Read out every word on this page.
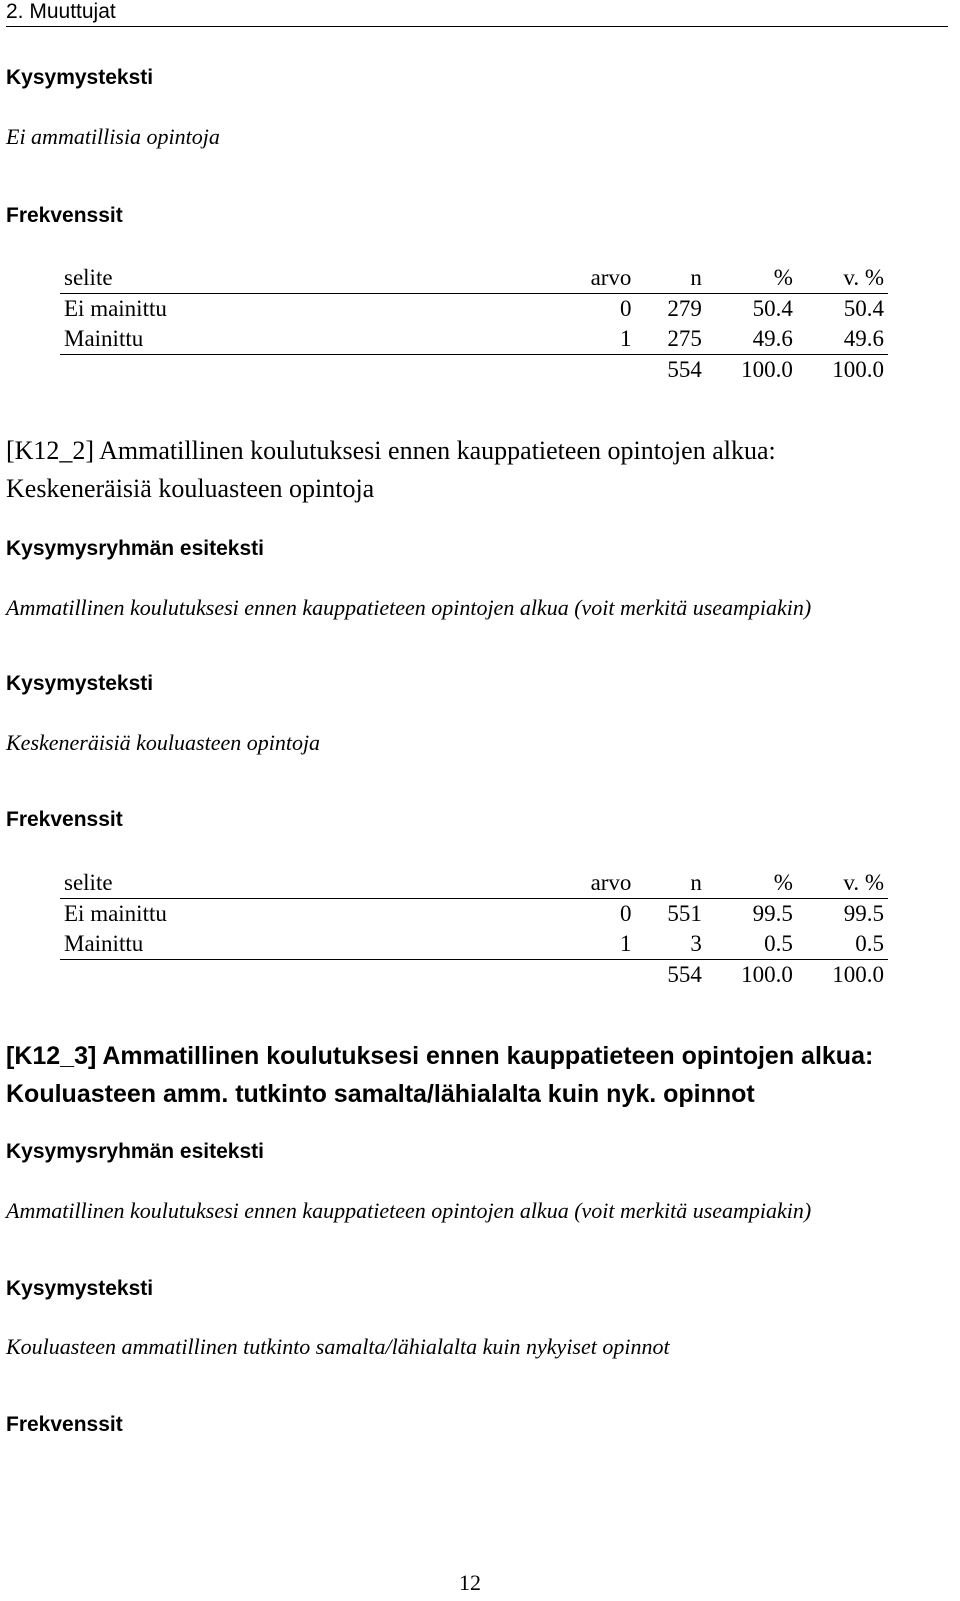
2. Muuttujat
Kysymysteksti
Ei ammatillisia opintoja
Frekvenssit
selite	arvo	n	%	v. %
Ei mainittu	0	279	50.4	50.4
Mainittu	1	275	49.6	49.6
		554	100.0	100.0
[K12_2] Ammatillinen koulutuksesi ennen kauppatieteen opintojen alkua:
Keskeneräisiä kouluasteen opintoja
Kysymysryhmän esiteksti
Ammatillinen koulutuksesi ennen kauppatieteen opintojen alkua (voit merkitä useampiakin)
Kysymysteksti
Keskeneräisiä kouluasteen opintoja
Frekvenssit
selite	arvo	n	%	v. %
Ei mainittu	0	551	99.5	99.5
Mainittu	1	3	0.5	0.5
		554	100.0	100.0
[K12_3] Ammatillinen koulutuksesi ennen kauppatieteen opintojen alkua:
Kouluasteen amm. tutkinto samalta/lähialalta kuin nyk. opinnot
Kysymysryhmän esiteksti
Ammatillinen koulutuksesi ennen kauppatieteen opintojen alkua (voit merkitä useampiakin)
Kysymysteksti
Kouluasteen ammatillinen tutkinto samalta/lähialalta kuin nykyiset opinnot
Frekvenssit
12
